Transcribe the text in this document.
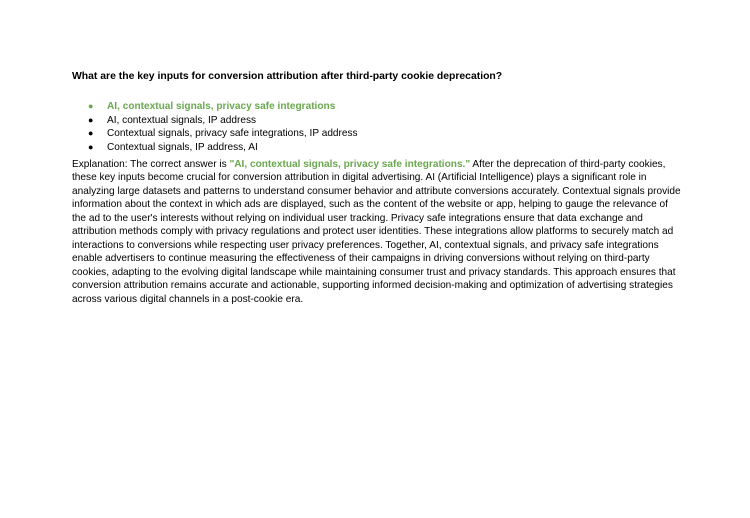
What are the key inputs for conversion attribution after third-party cookie deprecation?

● AI, contextual signals, privacy safe integrations
● AI, contextual signals, IP address
● Contextual signals, privacy safe integrations, IP address
● Contextual signals, IP address, AI

Explanation: The correct answer is "AI, contextual signals, privacy safe integrations." After the deprecation of third-party cookies, these key inputs become crucial for conversion attribution in digital advertising. AI (Artificial Intelligence) plays a significant role in analyzing large datasets and patterns to understand consumer behavior and attribute conversions accurately. Contextual signals provide information about the context in which ads are displayed, such as the content of the website or app, helping to gauge the relevance of the ad to the user's interests without relying on individual user tracking. Privacy safe integrations ensure that data exchange and attribution methods comply with privacy regulations and protect user identities. These integrations allow platforms to securely match ad interactions to conversions while respecting user privacy preferences. Together, AI, contextual signals, and privacy safe integrations enable advertisers to continue measuring the effectiveness of their campaigns in driving conversions without relying on third-party cookies, adapting to the evolving digital landscape while maintaining consumer trust and privacy standards. This approach ensures that conversion attribution remains accurate and actionable, supporting informed decision-making and optimization of advertising strategies across various digital channels in a post-cookie era.
